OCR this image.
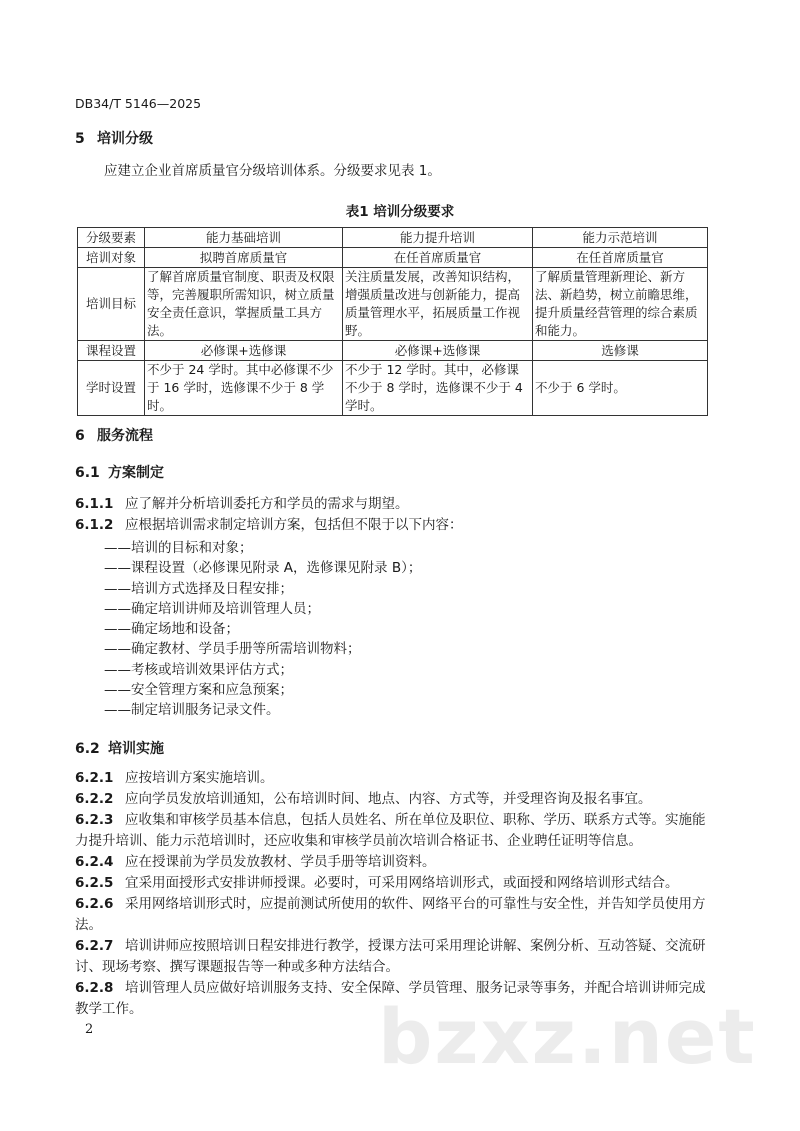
DB34/T 5146—2025
5 培训分级
应建立企业首席质量官分级培训体系。分级要求见表 1。
表1 培训分级要求
分级要素	能力基础培训	能力提升培训	能力示范培训
培训对象	拟聘首席质量官	在任首席质量官	在任首席质量官
培训目标	了解首席质量官制度、职责及权限等，完善履职所需知识，树立质量安全责任意识，掌握质量工具方法。	关注质量发展，改善知识结构，增强质量改进与创新能力，提高质量管理水平，拓展质量工作视野。	了解质量管理新理论、新方法、新趋势，树立前瞻思维，提升质量经营管理的综合素质和能力。
课程设置	必修课+选修课	必修课+选修课	选修课
学时设置	不少于 24 学时。其中必修课不少于 16 学时，选修课不少于 8 学时。	不少于 12 学时。其中，必修课不少于 8 学时，选修课不少于 4 学时。	不少于 6 学时。
6 服务流程
6.1 方案制定
6.1.1 应了解并分析培训委托方和学员的需求与期望。
6.1.2 应根据培训需求制定培训方案，包括但不限于以下内容：
——培训的目标和对象；
——课程设置（必修课见附录 A，选修课见附录 B）；
——培训方式选择及日程安排；
——确定培训讲师及培训管理人员；
——确定场地和设备；
——确定教材、学员手册等所需培训物料；
——考核或培训效果评估方式；
——安全管理方案和应急预案；
——制定培训服务记录文件。
6.2 培训实施
6.2.1 应按培训方案实施培训。
6.2.2 应向学员发放培训通知，公布培训时间、地点、内容、方式等，并受理咨询及报名事宜。
6.2.3 应收集和审核学员基本信息，包括人员姓名、所在单位及职位、职称、学历、联系方式等。实施能力提升培训、能力示范培训时，还应收集和审核学员前次培训合格证书、企业聘任证明等信息。
6.2.4 应在授课前为学员发放教材、学员手册等培训资料。
6.2.5 宜采用面授形式安排讲师授课。必要时，可采用网络培训形式，或面授和网络培训形式结合。
6.2.6 采用网络培训形式时，应提前测试所使用的软件、网络平台的可靠性与安全性，并告知学员使用方法。
6.2.7 培训讲师应按照培训日程安排进行教学，授课方法可采用理论讲解、案例分析、互动答疑、交流研讨、现场考察、撰写课题报告等一种或多种方法结合。
6.2.8 培训管理人员应做好培训服务支持、安全保障、学员管理、服务记录等事务，并配合培训讲师完成教学工作。	bzxz.net
2
